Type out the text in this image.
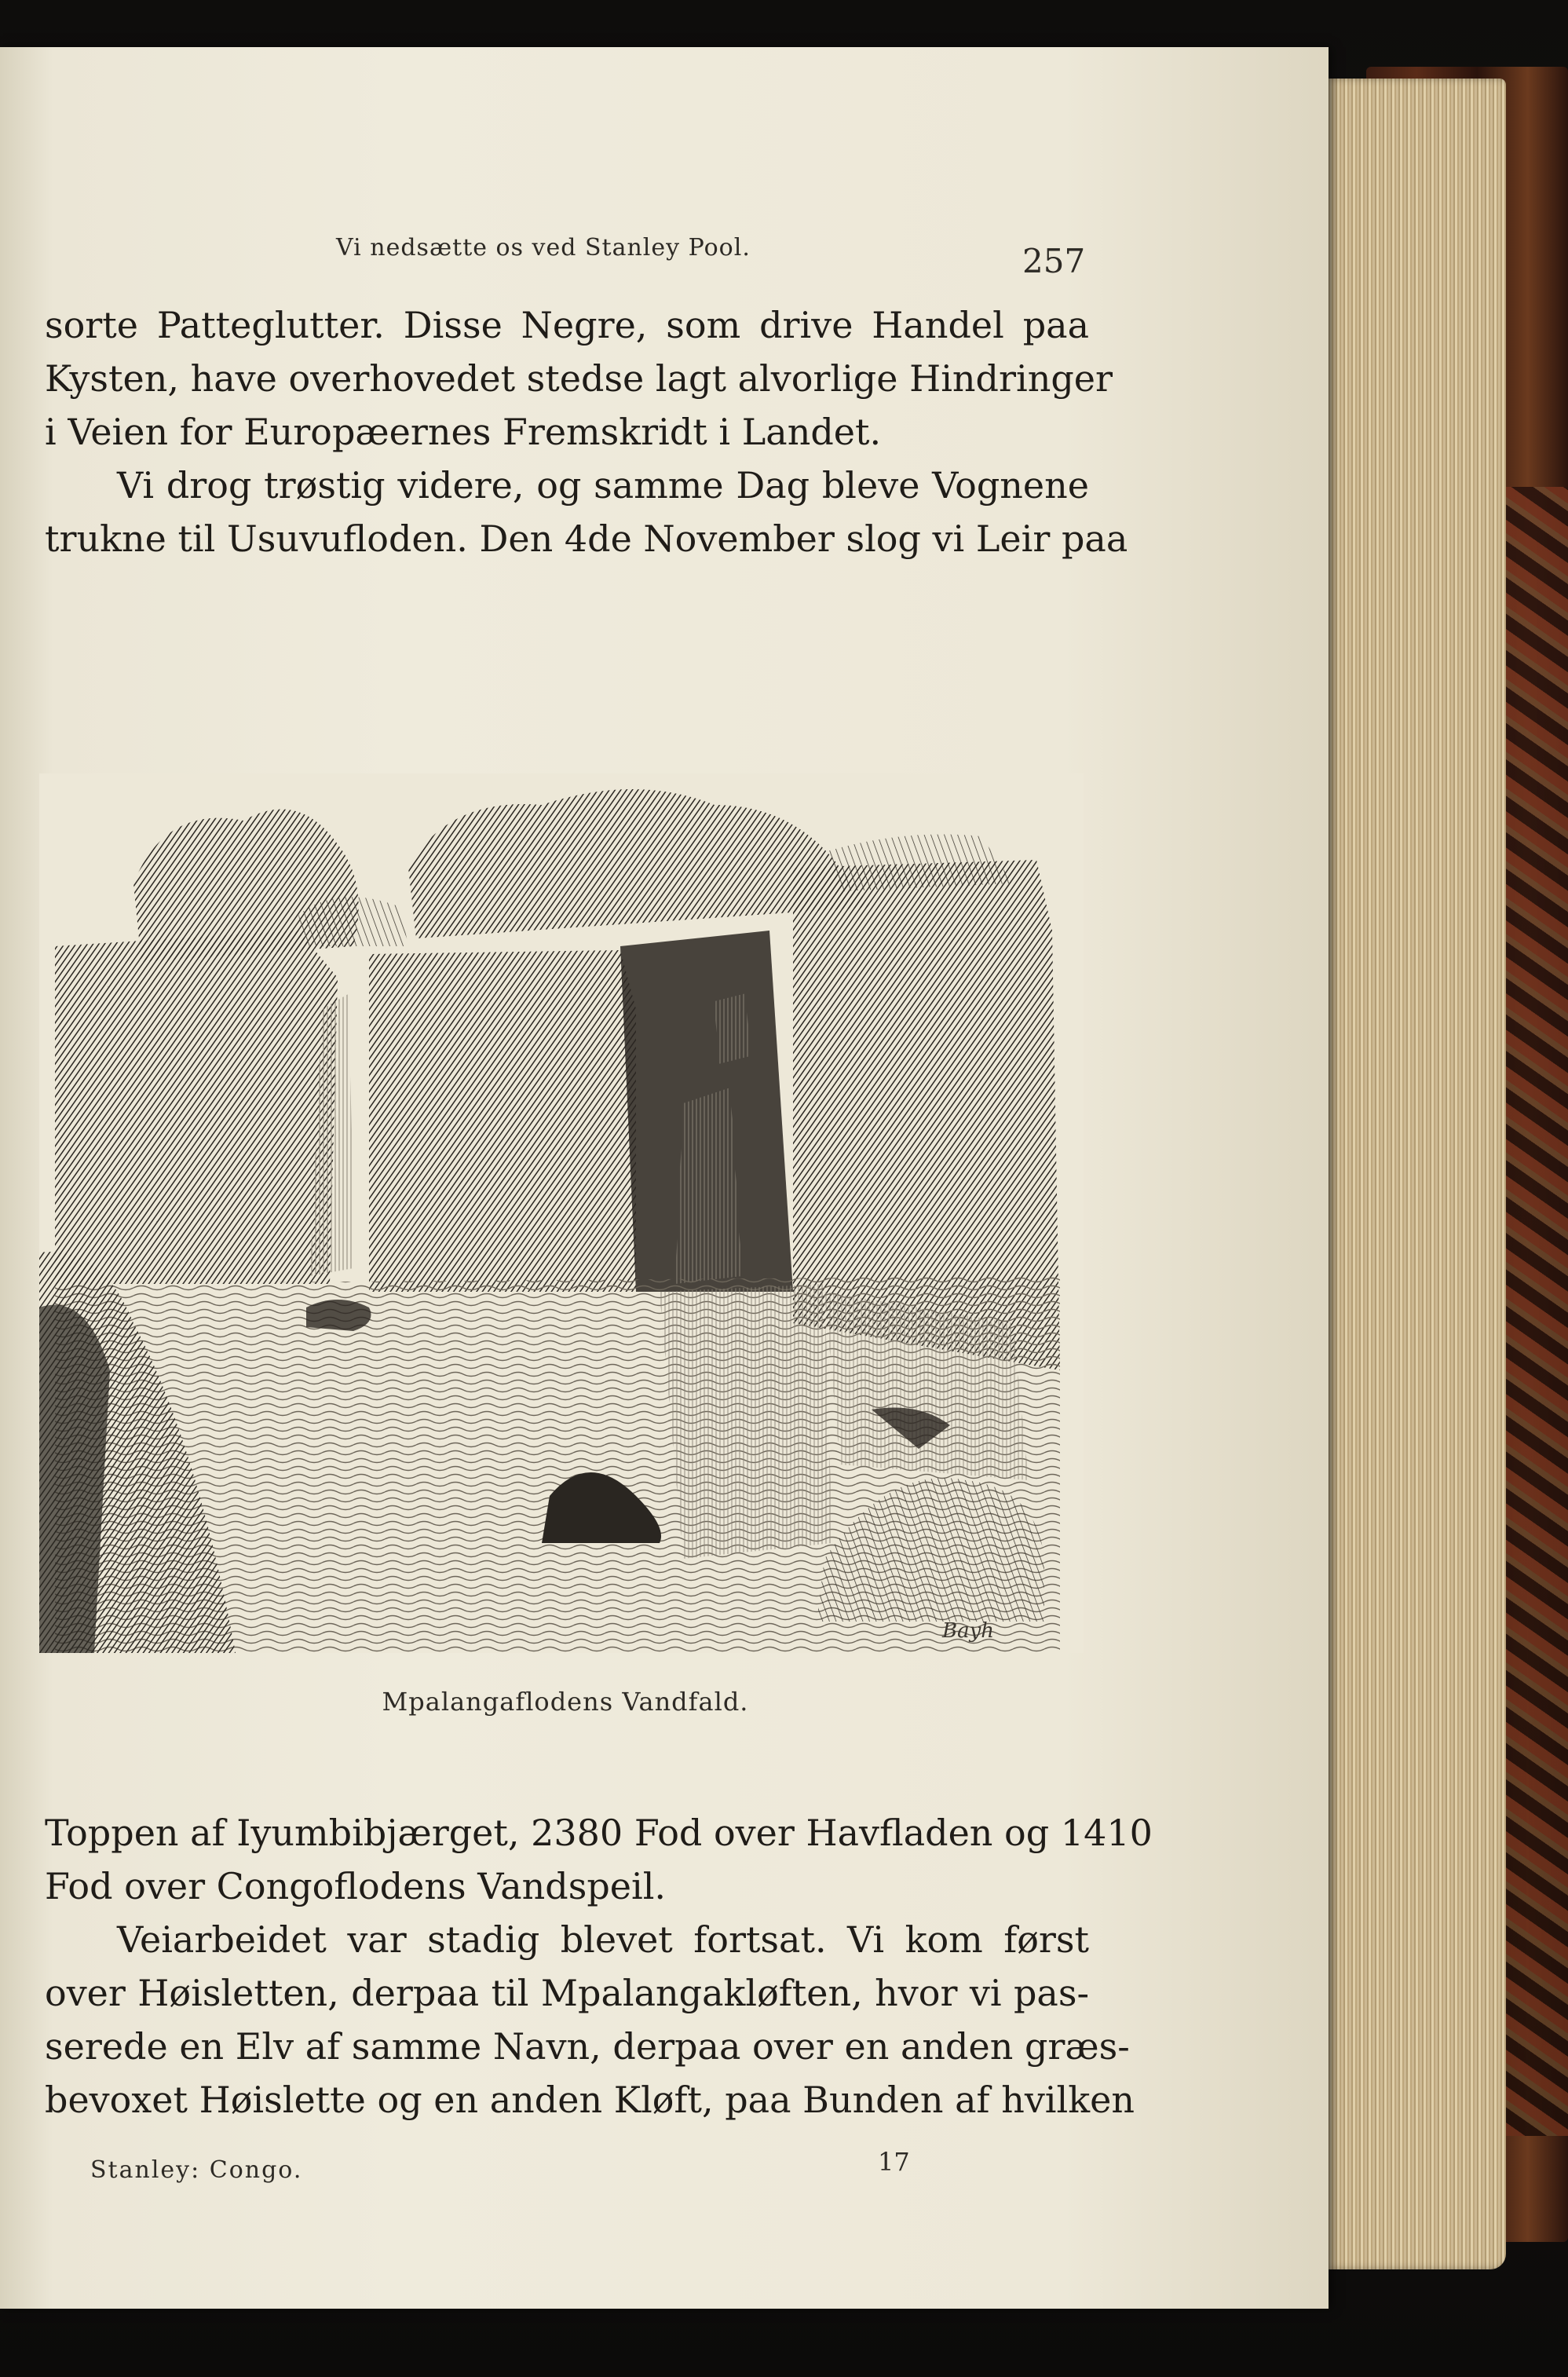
Vi nedsætte os ved Stanley Pool.	257
sorte Patteglutter. Disse Negre, som drive Handel paa
Kysten, have overhovedet stedse lagt alvorlige Hindringer
i Veien for Europæernes Fremskridt i Landet.
Vi drog trøstig videre, og samme Dag bleve Vognene
trukne til Usuvufloden. Den 4de November slog vi Leir paa
Bayh
Mpalangaflodens Vandfald.
Toppen af Iyumbibjærget, 2380 Fod over Havfladen og 1410
Fod over Congoflodens Vandspeil.
Veiarbeidet var stadig blevet fortsat. Vi kom først
over Høisletten, derpaa til Mpalangakløften, hvor vi pas-
serede en Elv af samme Navn, derpaa over en anden græs-
bevoxet Høislette og en anden Kløft, paa Bunden af hvilken
Stanley: Congo.	17
